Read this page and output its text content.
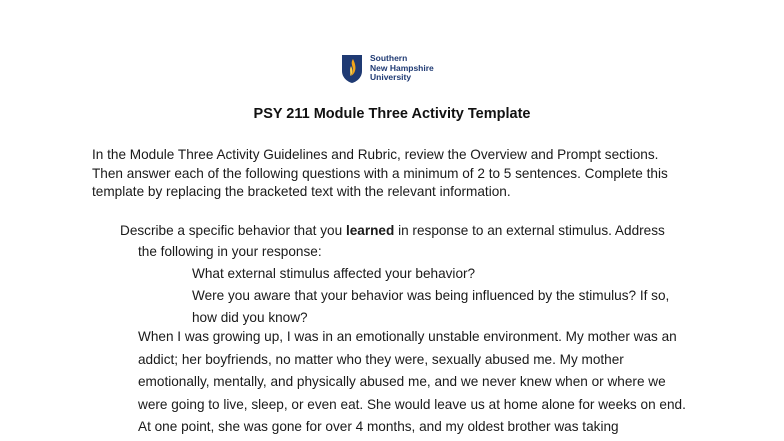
Southern
New Hampshire
University
PSY 211 Module Three Activity Template

In the Module Three Activity Guidelines and Rubric, review the Overview and Prompt sections. Then answer each of the following questions with a minimum of 2 to 5 sentences. Complete this template by replacing the bracketed text with the relevant information.

Describe a specific behavior that you learned in response to an external stimulus. Address
the following in your response:

What external stimulus affected your behavior?

Were you aware that your behavior was being influenced by the stimulus? If so,
how did you know?

When I was growing up, I was in an emotionally unstable environment. My mother was an addict; her boyfriends, no matter who they were, sexually abused me. My mother emotionally, mentally, and physically abused me, and we never knew when or where we were going to live, sleep, or even eat. She would leave us at home alone for weeks on end. At one point, she was gone for over 4 months, and my oldest brother was taking
